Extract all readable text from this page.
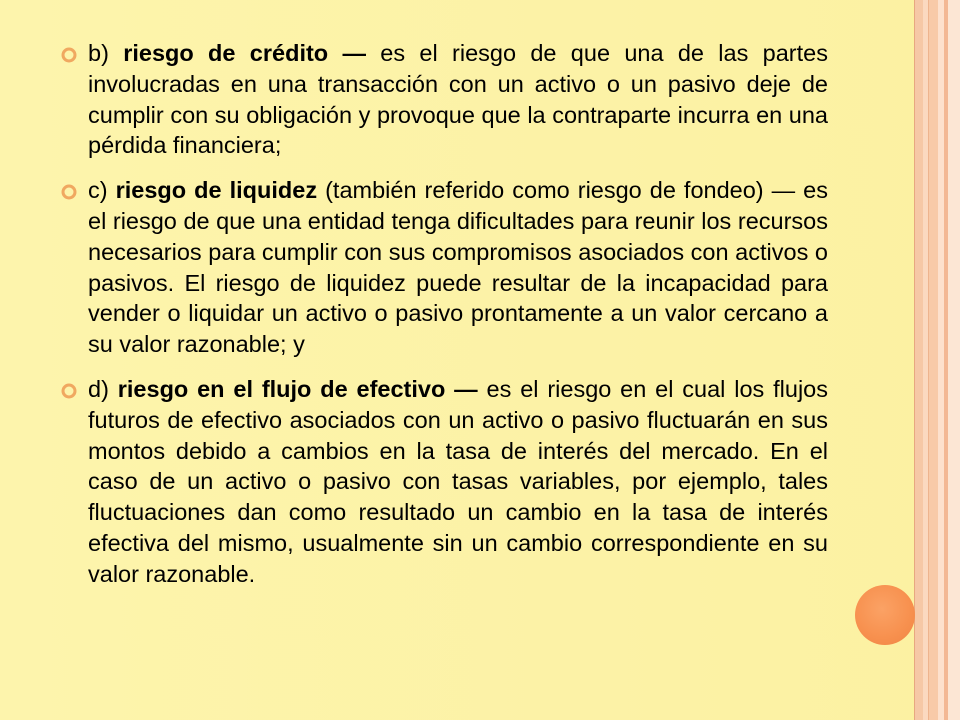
b) riesgo de crédito — es el riesgo de que una de las partes involucradas en una transacción con un activo o un pasivo deje de cumplir con su obligación y provoque que la contraparte incurra en una pérdida financiera;

c) riesgo de liquidez (también referido como riesgo de fondeo) — es el riesgo de que una entidad tenga dificultades para reunir los recursos necesarios para cumplir con sus compromisos asociados con activos o pasivos. El riesgo de liquidez puede resultar de la incapacidad para vender o liquidar un activo o pasivo prontamente a un valor cercano a su valor razonable; y

d) riesgo en el flujo de efectivo — es el riesgo en el cual los flujos futuros de efectivo asociados con un activo o pasivo fluctuarán en sus montos debido a cambios en la tasa de interés del mercado. En el caso de un activo o pasivo con tasas variables, por ejemplo, tales fluctuaciones dan como resultado un cambio en la tasa de interés efectiva del mismo, usualmente sin un cambio correspondiente en su valor razonable.
